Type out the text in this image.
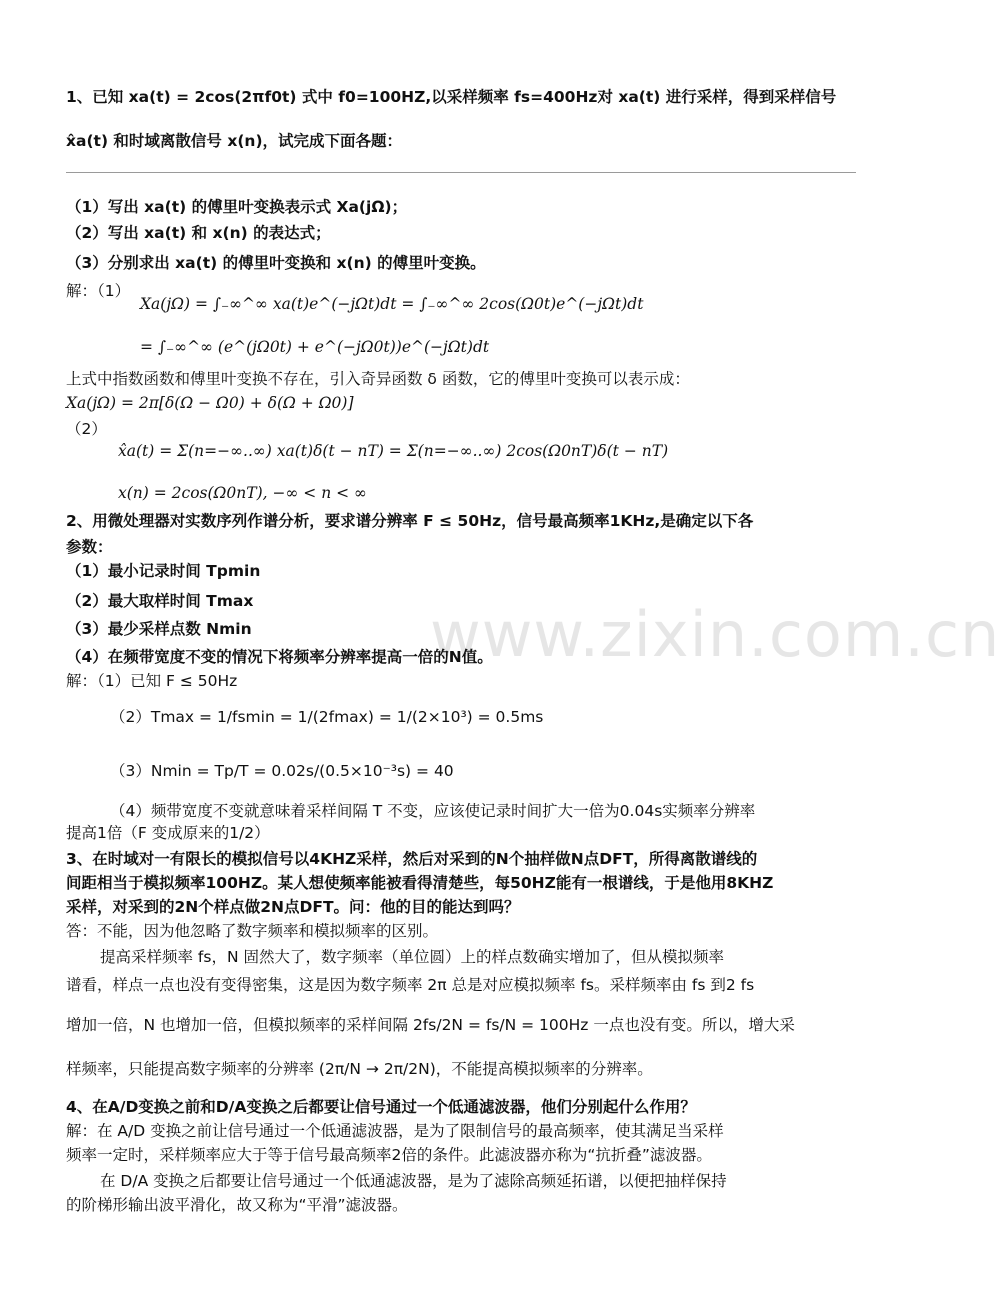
www.zixin.com.cn
1、已知 xa(t) = 2cos(2πf0t) 式中 f0=100HZ,以采样频率 fs=400Hz对 xa(t) 进行采样，得到采样信号
x̂a(t) 和时域离散信号 x(n)，试完成下面各题：
（1）写出 xa(t) 的傅里叶变换表示式 Xa(jΩ)；
（2）写出 xa(t) 和 x(n) 的表达式；
（3）分别求出 xa(t) 的傅里叶变换和 x(n) 的傅里叶变换。
解：（1）
Xa(jΩ) = ∫₋∞^∞ xa(t)e^(−jΩt)dt = ∫₋∞^∞ 2cos(Ω0t)e^(−jΩt)dt
= ∫₋∞^∞ (e^(jΩ0t) + e^(−jΩ0t))e^(−jΩt)dt
上式中指数函数和傅里叶变换不存在，引入奇异函数 δ 函数，它的傅里叶变换可以表示成：
Xa(jΩ) = 2π[δ(Ω − Ω0) + δ(Ω + Ω0)]
（2）
x̂a(t) = Σ(n=−∞..∞) xa(t)δ(t − nT) = Σ(n=−∞..∞) 2cos(Ω0nT)δ(t − nT)
x(n) = 2cos(Ω0nT), −∞ < n < ∞
2、用微处理器对实数序列作谱分析，要求谱分辨率 F ≤ 50Hz，信号最高频率1KHz,是确定以下各
参数：
（1）最小记录时间 Tpmin
（2）最大取样时间 Tmax
（3）最少采样点数 Nmin
（4）在频带宽度不变的情况下将频率分辨率提高一倍的N值。
解：（1）已知 F ≤ 50Hz
（2）Tmax = 1/fsmin = 1/(2fmax) = 1/(2×10³) = 0.5ms
（3）Nmin = Tp/T = 0.02s/(0.5×10⁻³s) = 40
（4）频带宽度不变就意味着采样间隔 T 不变，应该使记录时间扩大一倍为0.04s实频率分辨率
提高1倍（F 变成原来的1/2）
3、在时域对一有限长的模拟信号以4KHZ采样，然后对采到的N个抽样做N点DFT，所得离散谱线的
间距相当于模拟频率100HZ。某人想使频率能被看得清楚些，每50HZ能有一根谱线，于是他用8KHZ
采样，对采到的2N个样点做2N点DFT。问：他的目的能达到吗？
答：不能，因为他忽略了数字频率和模拟频率的区别。
提高采样频率 fs，N 固然大了，数字频率（单位圆）上的样点数确实增加了，但从模拟频率
谱看，样点一点也没有变得密集，这是因为数字频率 2π 总是对应模拟频率 fs。采样频率由 fs 到2 fs
增加一倍，N 也增加一倍，但模拟频率的采样间隔 2fs/2N = fs/N = 100Hz 一点也没有变。所以，增大采
样频率，只能提高数字频率的分辨率 (2π/N → 2π/2N)，不能提高模拟频率的分辨率。
4、在A/D变换之前和D/A变换之后都要让信号通过一个低通滤波器，他们分别起什么作用？
解：在 A/D 变换之前让信号通过一个低通滤波器，是为了限制信号的最高频率，使其满足当采样
频率一定时，采样频率应大于等于信号最高频率2倍的条件。此滤波器亦称为“抗折叠”滤波器。
在 D/A 变换之后都要让信号通过一个低通滤波器，是为了滤除高频延拓谱，以便把抽样保持
的阶梯形输出波平滑化，故又称为“平滑”滤波器。
